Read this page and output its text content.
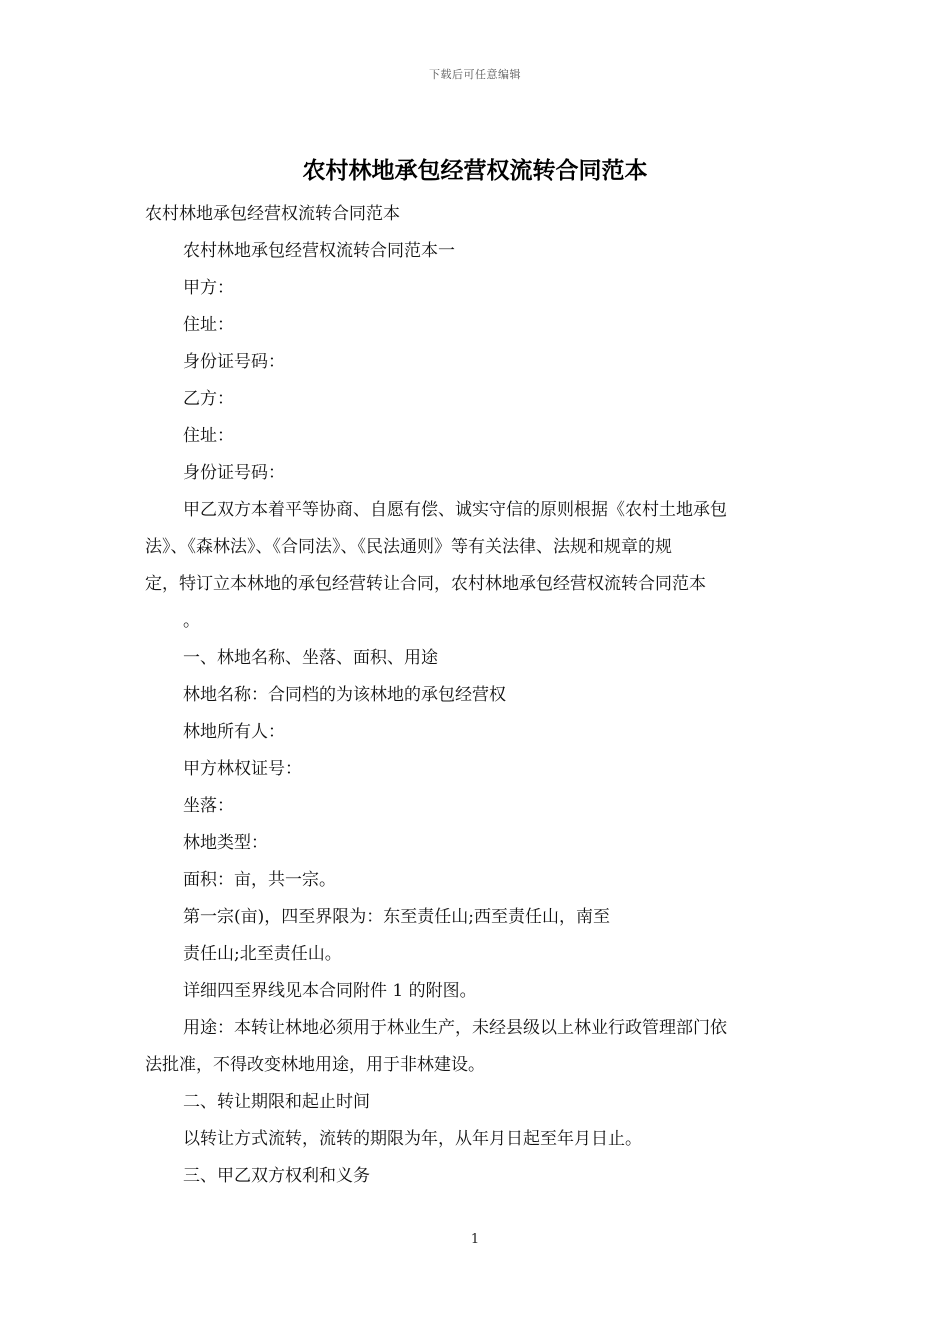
下载后可任意编辑
农村林地承包经营权流转合同范本
农村林地承包经营权流转合同范本
农村林地承包经营权流转合同范本一
甲方：
住址：
身份证号码：
乙方：
住址：
身份证号码：
甲乙双方本着平等协商、自愿有偿、诚实守信的原则根据《农村土地承包
法》、《森林法》、《合同法》、《民法通则》等有关法律、法规和规章的规
定，特订立本林地的承包经营转让合同，农村林地承包经营权流转合同范本
。
一、林地名称、坐落、面积、用途
林地名称：合同档的为该林地的承包经营权
林地所有人：
甲方林权证号：
坐落：
林地类型：
面积：亩，共一宗。
第一宗(亩)，四至界限为：东至责任山;西至责任山，南至
责任山;北至责任山。
详细四至界线见本合同附件 1 的附图。
用途：本转让林地必须用于林业生产，未经县级以上林业行政管理部门依
法批准，不得改变林地用途，用于非林建设。
二、转让期限和起止时间
以转让方式流转，流转的期限为年，从年月日起至年月日止。
三、甲乙双方权利和义务
1
